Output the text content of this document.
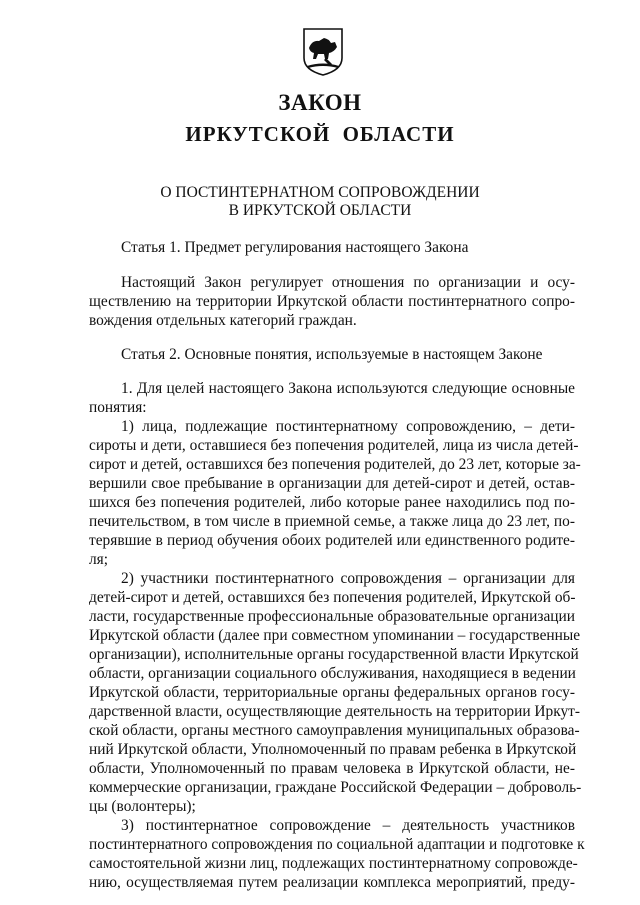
ЗАКОН
ИРКУТСКОЙ ОБЛАСТИ
О ПОСТИНТЕРНАТНОМ СОПРОВОЖДЕНИИ
В ИРКУТСКОЙ ОБЛАСТИ
Статья 1. Предмет регулирования настоящего Закона
Настоящий Закон регулирует отношения по организации и осу-
ществлению на территории Иркутской области постинтернатного сопро-
вождения отдельных категорий граждан.
Статья 2. Основные понятия, используемые в настоящем Законе
1. Для целей настоящего Закона используются следующие основные
понятия:
1) лица, подлежащие постинтернатному сопровождению, – дети-
сироты и дети, оставшиеся без попечения родителей, лица из числа детей-
сирот и детей, оставшихся без попечения родителей, до 23 лет, которые за-
вершили свое пребывание в организации для детей-сирот и детей, остав-
шихся без попечения родителей, либо которые ранее находились под по-
печительством, в том числе в приемной семье, а также лица до 23 лет, по-
терявшие в период обучения обоих родителей или единственного родите-
ля;
2) участники постинтернатного сопровождения – организации для
детей-сирот и детей, оставшихся без попечения родителей, Иркутской об-
ласти, государственные профессиональные образовательные организации
Иркутской области (далее при совместном упоминании – государственные
организации), исполнительные органы государственной власти Иркутской
области, организации социального обслуживания, находящиеся в ведении
Иркутской области, территориальные органы федеральных органов госу-
дарственной власти, осуществляющие деятельность на территории Иркут-
ской области, органы местного самоуправления муниципальных образова-
ний Иркутской области, Уполномоченный по правам ребенка в Иркутской
области, Уполномоченный по правам человека в Иркутской области, не-
коммерческие организации, граждане Российской Федерации – доброволь-
цы (волонтеры);
3) постинтернатное сопровождение – деятельность участников
постинтернатного сопровождения по социальной адаптации и подготовке к
самостоятельной жизни лиц, подлежащих постинтернатному сопровожде-
нию, осуществляемая путем реализации комплекса мероприятий, преду-
